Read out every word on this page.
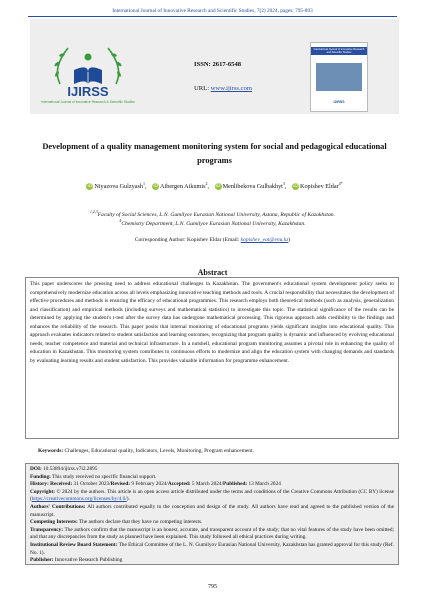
International Journal of Innovative Research and Scientific Studies, 7(2) 2024, pages: 795-803
IJIRSS
International Journal of Innovative Research & Scientific Studies
ISSN: 2617-6548
URL: www.ijirss.com
International Journal of Innovative Research and Scientific Studies
IJIRSS
Development of a quality management monitoring system for social and pedagogical educational programs
iD Niyazova Gulzyash$^1$, iD Aibergen Aikumis$^2$, iD Menlibekova Gulbakhyt$^3$, iD Kopishev Eldar$^{4*}$
$^{1,2,3}$Faculty of Social Sciences, L.N. Gumilyov Eurasian National University, Astana, Republic of Kazakhstan.
$^4$Chemistry Department, L.N. Gumilyov Eurasian National University, Kazakhstan.
Corresponding Author: Kopishev Eldar (Email: kopishev_eat@enu.kz)
Abstract
This paper underscores the pressing need to address educational challenges in Kazakhstan. The government's educational system development policy seeks to comprehensively modernize education across all levels emphasizing innovative teaching methods and tools. A crucial responsibility that necessitates the development of effective procedures and methods is ensuring the efficacy of educational programmes. This research employs both theoretical methods (such as analysis, generalization and classification) and empirical methods (including surveys and mathematical statistics) to investigate this topic. The statistical significance of the results can be determined by applying the student's t-test after the survey data has undergone mathematical processing. This rigorous approach adds credibility to the findings and enhances the reliability of the research. This paper posits that internal monitoring of educational programs yields significant insights into educational quality. This approach evaluates indicators related to student satisfaction and learning outcomes, recognizing that program quality is dynamic and influenced by evolving educational needs, teacher competence and material and technical infrastructure. In a nutshell, educational program monitoring assumes a pivotal role in enhancing the quality of education in Kazakhstan. This monitoring system contributes to continuous efforts to modernize and align the education system with changing demands and standards by evaluating learning results and student satisfaction. This provides valuable information for programme enhancement.
Keywords: Challenges, Educational quality, Indicators, Levels, Monitoring, Program enhancement.
DOI: 10.53894/ijirss.v7i2.2895
Funding: This study received no specific financial support.
History: Received: 31 October 2023/Revised: 9 February 2024/Accepted: 5 March 2024/Published: 13 March 2024
Copyright: © 2024 by the authors. This article is an open access article distributed under the terms and conditions of the Creative Commons Attribution (CC BY) license (https://creativecommons.org/licenses/by/4.0/).
Authors' Contributions: All authors contributed equally to the conception and design of the study. All authors have read and agreed to the published version of the manuscript.
Competing Interests: The authors declare that they have no competing interests.
Transparency: The authors confirm that the manuscript is an honest, accurate, and transparent account of the study; that no vital features of the study have been omitted; and that any discrepancies from the study as planned have been explained. This study followed all ethical practices during writing.
Institutional Review Board Statement: The Ethical Committee of the L. N. Gumilyov Eurasian National University, Kazakhstan has granted approval for this study (Ref. No. 1).
Publisher: Innovative Research Publishing
795
